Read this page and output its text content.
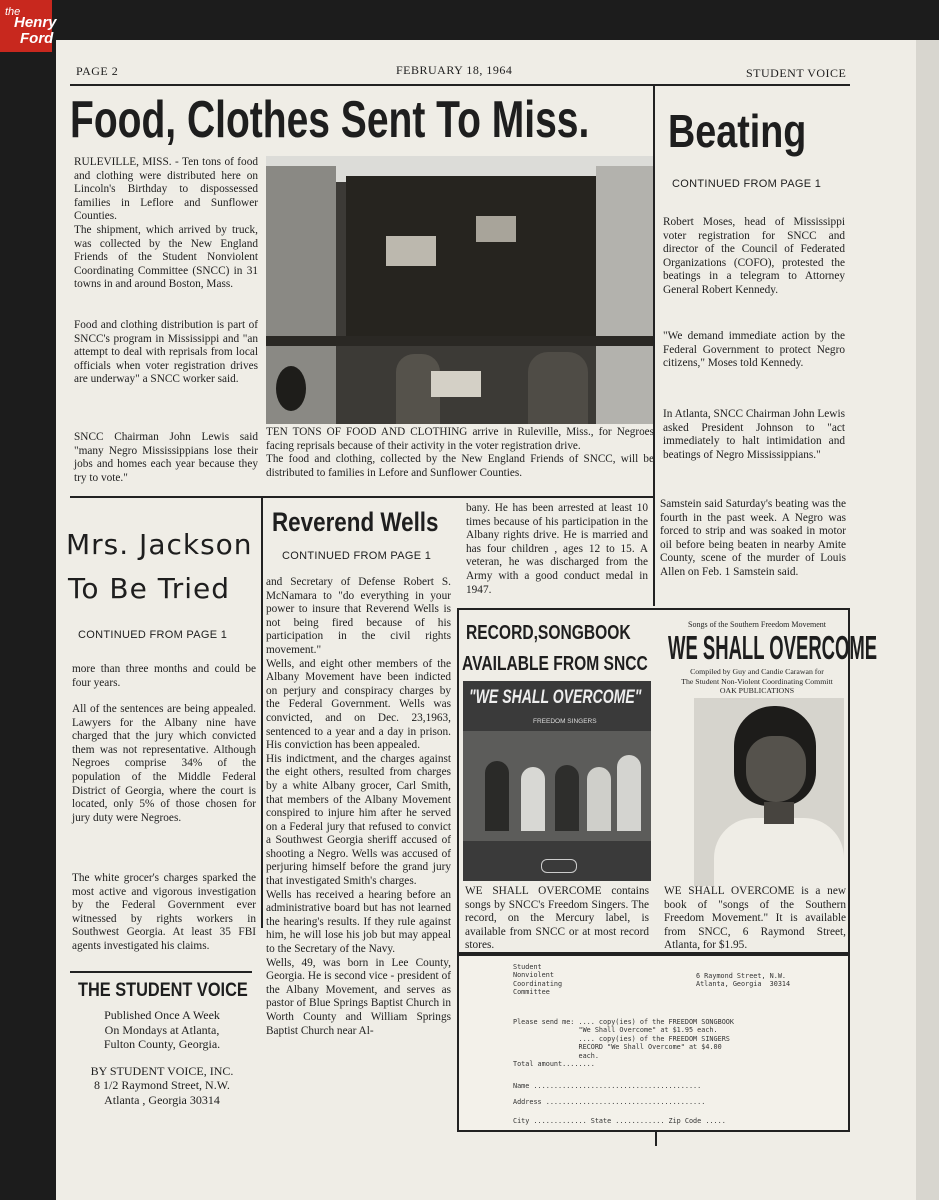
the
Henry
Ford
PAGE 2	FEBRUARY 18, 1964	STUDENT VOICE
Food, Clothes Sent To Miss.
RULEVILLE, MISS. - Ten tons of food and clothing were distributed here on Lincoln's Birthday to dispossessed families in Leflore and Sunflower Counties.
The shipment, which arrived by truck, was collected by the New England Friends of the Student Nonviolent Coordinating Committee (SNCC) in 31 towns in and around Boston, Mass.
Food and clothing distribution is part of SNCC's program in Mississippi and "an attempt to deal with reprisals from local officials when voter registration drives are underway" a SNCC worker said.
SNCC Chairman John Lewis said "many Negro Mississippians lose their jobs and homes each year because they try to vote."
TEN TONS OF FOOD AND CLOTHING arrive in Ruleville, Miss., for Negroes facing reprisals because of their activity in the voter registration drive.
The food and clothing, collected by the New England Friends of SNCC, will be distributed to families in Lefore and Sunflower Counties.
Beating
CONTINUED FROM PAGE 1
Robert Moses, head of Mississippi voter registration for SNCC and director of the Council of Federated Organizations (COFO), protested the beatings in a telegram to Attorney General Robert Kennedy.
"We demand immediate action by the Federal Government to protect Negro citizens," Moses told Kennedy.
In Atlanta, SNCC Chairman John Lewis asked President Johnson to "act immediately to halt intimidation and beatings of Negro Mississippians."
Samstein said Saturday's beating was the fourth in the past week. A Negro was forced to strip and was soaked in motor oil before being beaten in nearby Amite County, scene of the murder of Louis Allen on Feb. 1 Samstein said.
Mrs. Jackson
To Be Tried
CONTINUED FROM PAGE 1
more than three months and could be four years.
All of the sentences are being appealed. Lawyers for the Albany nine have charged that the jury which convicted them was not representative. Although Negroes comprise 34% of the population of the Middle Federal District of Georgia, where the court is located, only 5% of those chosen for jury duty were Negroes.
The white grocer's charges sparked the most active and vigorous investigation by the Federal Government ever witnessed by rights workers in Southwest Georgia. At least 35 FBI agents investigated his claims.
THE STUDENT VOICE
Published Once A Week
On Mondays at Atlanta,
Fulton County, Georgia.
BY STUDENT VOICE, INC.
8 1/2 Raymond Street, N.W.
Atlanta , Georgia 30314
Reverend Wells
CONTINUED FROM PAGE 1
and Secretary of Defense Robert S. McNamara to "do everything in your power to insure that Reverend Wells is not being fired because of his participation in the civil rights movement."
Wells, and eight other members of the Albany Movement have been indicted on perjury and conspiracy charges by the Federal Government. Wells was convicted, and on Dec. 23,1963, sentenced to a year and a day in prison. His conviction has been appealed.
His indictment, and the charges against the eight others, resulted from charges by a white Albany grocer, Carl Smith, that members of the Albany Movement conspired to injure him after he served on a Federal jury that refused to convict a Southwest Georgia sheriff accused of shooting a Negro. Wells was accused of perjuring himself before the grand jury that investigated Smith's charges.
Wells has received a hearing before an administrative board but has not learned the hearing's results. If they rule against him, he will lose his job but may appeal to the Secretary of the Navy.
Wells, 49, was born in Lee County, Georgia. He is second vice - president of the Albany Movement, and serves as pastor of Blue Springs Baptist Church in Worth County and William Springs Baptist Church near Al-
bany. He has been arrested at least 10 times because of his participation in the Albany rights drive. He is married and has four children , ages 12 to 15. A veteran, he was discharged from the Army with a good conduct medal in 1947.
RECORD,SONGBOOK
AVAILABLE FROM SNCC
"WE SHALL OVERCOME"
FREEDOM SINGERS
WE SHALL OVERCOME contains songs by SNCC's Freedom Singers. The record, on the Mercury label, is available from SNCC or at most record stores.
Songs of the Southern Freedom Movement
WE SHALL OVERCOME
Compiled by Guy and Candie Carawan for
The Student Non-Violent Coordinating Committ
OAK PUBLICATIONS
WE SHALL OVERCOME is a new book of "songs of the Southern Freedom Movement." It is available from SNCC, 6 Raymond Street, Atlanta, for $1.95.
Student
Nonviolent
Coordinating
Committee
6 Raymond Street, N.W.
Atlanta, Georgia  30314
Please send me: .... copy(ies) of the FREEDOM SONGBOOK
"We Shall Overcome" at $1.95 each.
.... copy(ies) of the FREEDOM SINGERS
RECORD "We Shall Overcome" at $4.00
each.
Total amount........
Name .........................................
Address .......................................
City ............. State ............ Zip Code .....
